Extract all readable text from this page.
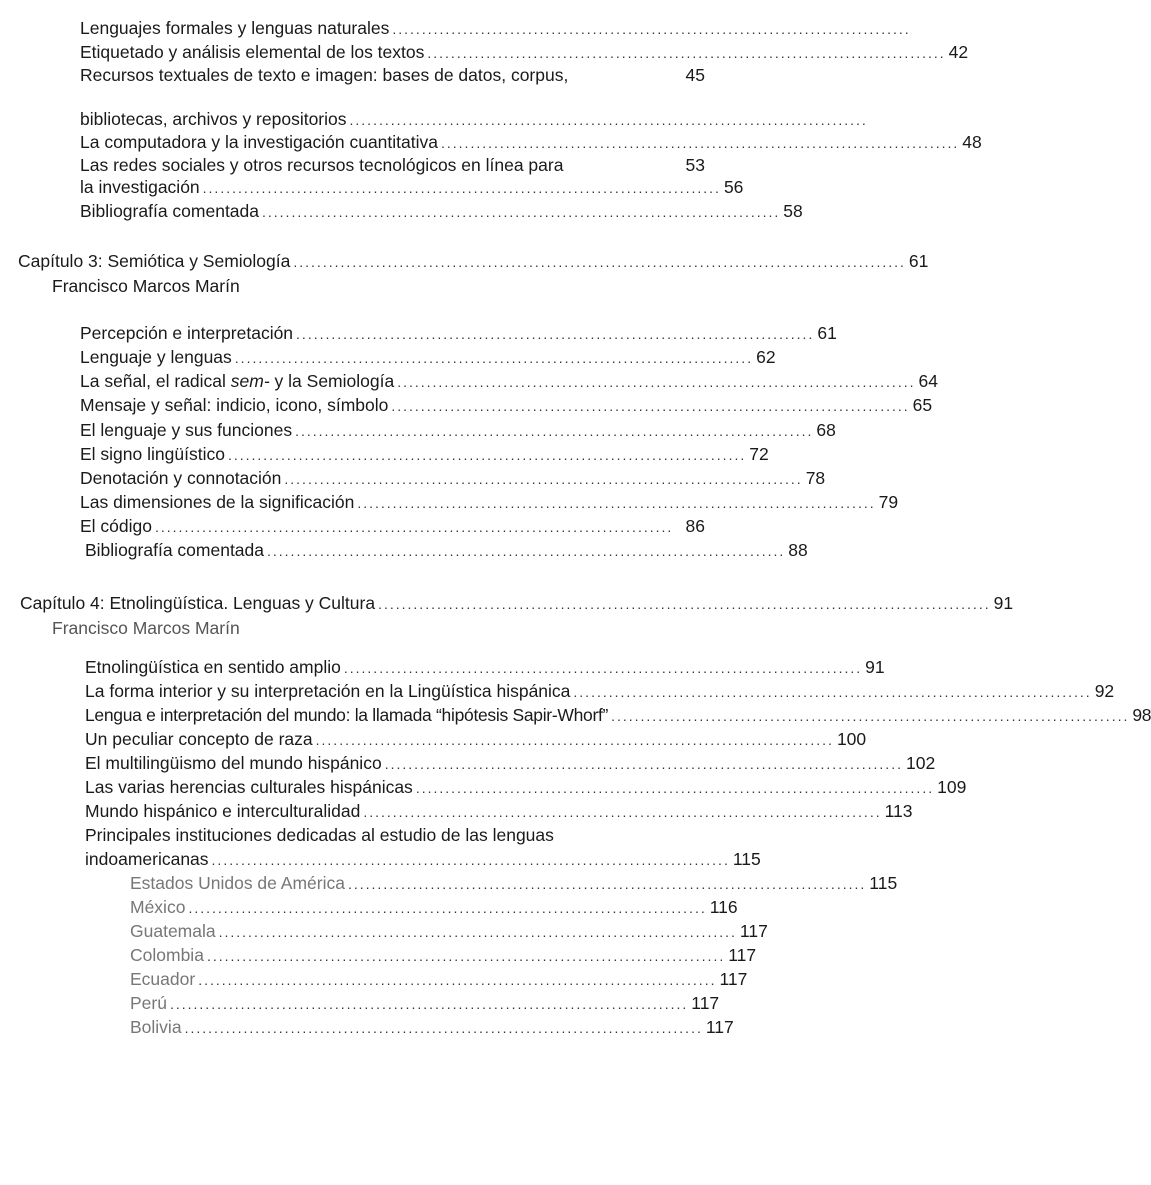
Lenguajes formales y lenguas naturales ........................................................................................
Etiquetado y análisis elemental de los textos ........................................................................................ 42
Recursos textuales de texto e imagen: bases de datos, corpus,	45
bibliotecas, archivos y repositorios ........................................................................................
La computadora y la investigación cuantitativa ........................................................................................ 48
Las redes sociales y otros recursos tecnológicos en línea para	53
la investigación ........................................................................................ 56
Bibliografía comentada ........................................................................................ 58
Capítulo 3: Semiótica y Semiología ........................................................................................................ 61
Francisco Marcos Marín
Percepción e interpretación ........................................................................................ 61
Lenguaje y lenguas ........................................................................................ 62
La señal, el radical sem- y la Semiología ........................................................................................ 64
Mensaje y señal: indicio, icono, símbolo ........................................................................................ 65
El lenguaje y sus funciones ........................................................................................ 68
El signo lingüístico ........................................................................................ 72
Denotación y connotación ........................................................................................ 78
Las dimensiones de la significación ........................................................................................ 79
El código ........................................................................................ 86
Bibliografía comentada ........................................................................................ 88
Capítulo 4: Etnolingüística. Lenguas y Cultura ........................................................................................................ 91
Francisco Marcos Marín
Etnolingüística en sentido amplio ........................................................................................ 91
La forma interior y su interpretación en la Lingüística hispánica ........................................................................................ 92
Lengua e interpretación del mundo: la llamada “hipótesis Sapir-Whorf” ........................................................................................ 98
Un peculiar concepto de raza ........................................................................................ 100
El multilingüismo del mundo hispánico ........................................................................................ 102
Las varias herencias culturales hispánicas ........................................................................................ 109
Mundo hispánico e interculturalidad ........................................................................................ 113
Principales instituciones dedicadas al estudio de las lenguas
indoamericanas ........................................................................................ 115
Estados Unidos de América ........................................................................................ 115
México ........................................................................................ 116
Guatemala ........................................................................................ 117
Colombia ........................................................................................ 117
Ecuador ........................................................................................ 117
Perú ........................................................................................ 117
Bolivia ........................................................................................ 117
